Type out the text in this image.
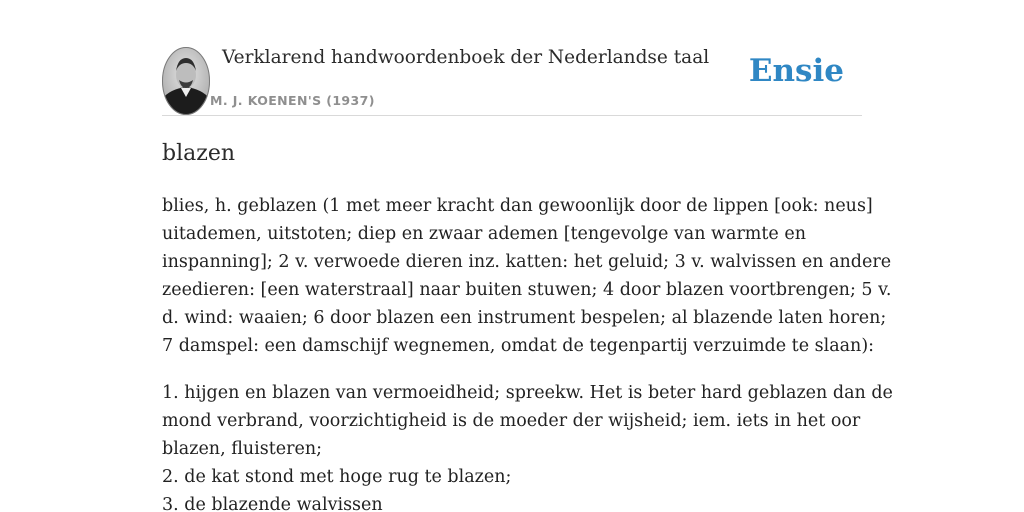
Verklarend handwoordenboek der Nederlandse taal
M. J. KOENEN'S (1937)
Ensie
blazen
blies, h. geblazen (1 met meer kracht dan gewoonlijk door de lippen [ook: neus]
uitademen, uitstoten; diep en zwaar ademen [tengevolge van warmte en
inspanning]; 2 v. verwoede dieren inz. katten: het geluid; 3 v. walvissen en andere
zeedieren: [een waterstraal] naar buiten stuwen; 4 door blazen voortbrengen; 5 v.
d. wind: waaien; 6 door blazen een instrument bespelen; al blazende laten horen;
7 damspel: een damschijf wegnemen, omdat de tegenpartij verzuimde te slaan):
1. hijgen en blazen van vermoeidheid; spreekw. Het is beter hard geblazen dan de
mond verbrand, voorzichtigheid is de moeder der wijsheid; iem. iets in het oor
blazen, fluisteren;
2. de kat stond met hoge rug te blazen;
3. de blazende walvissen
